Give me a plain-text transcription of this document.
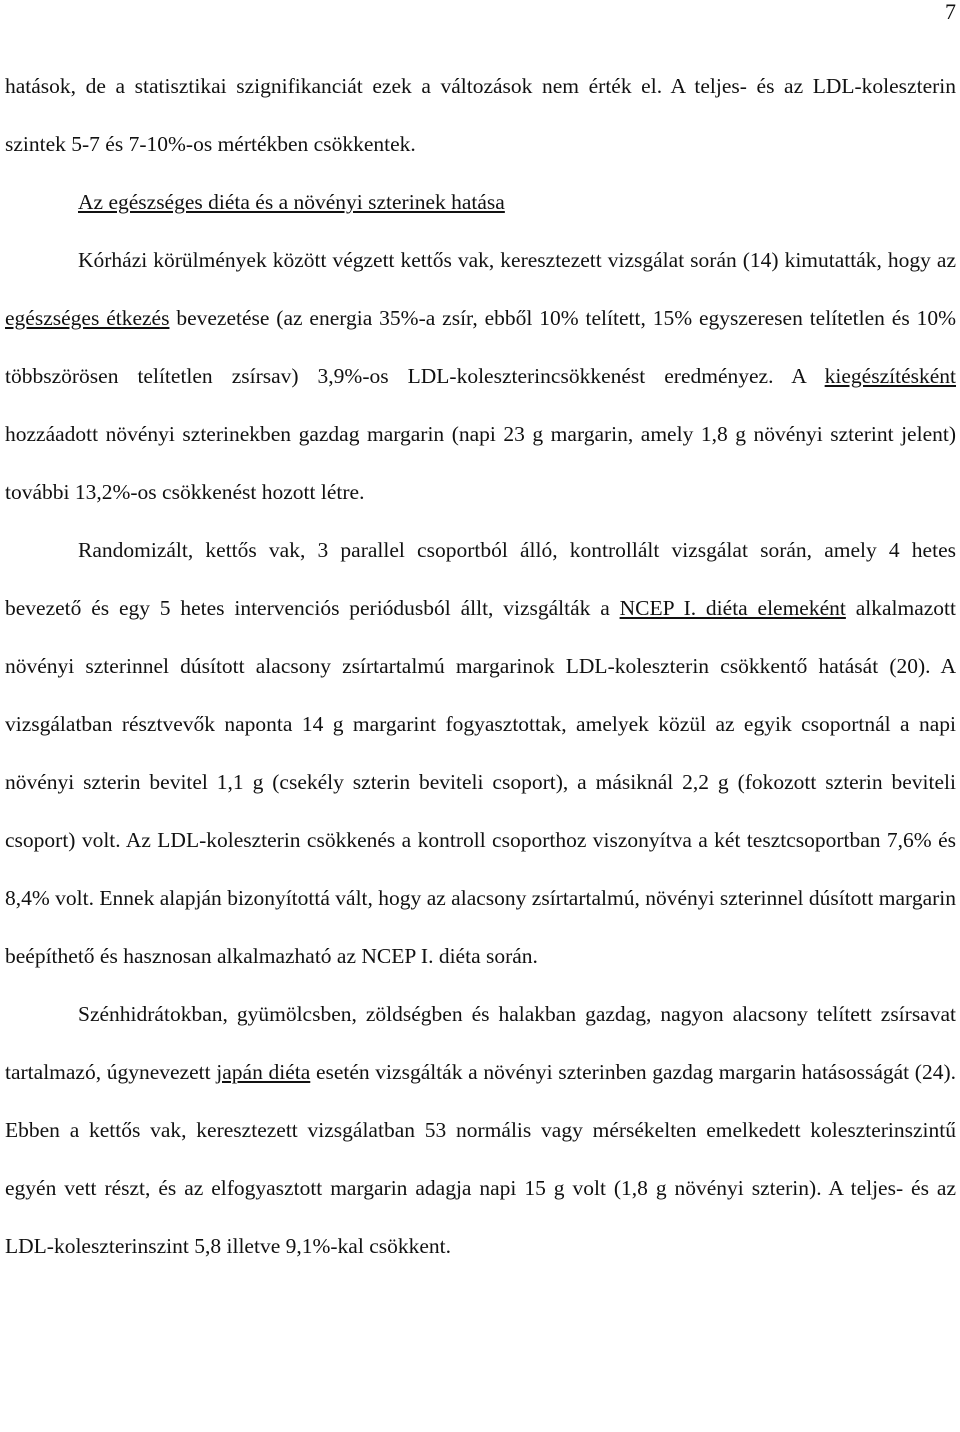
7

hatások, de a statisztikai szignifikanciát ezek a változások nem érték el. A teljes- és az LDL-koleszterin szintek 5-7 és 7-10%-os mértékben csökkentek.

Az egészséges diéta és a növényi szterinek hatása

Kórházi körülmények között végzett kettős vak, keresztezett vizsgálat során (14) kimutatták, hogy az egészséges étkezés bevezetése (az energia 35%-a zsír, ebből 10% telített, 15% egyszeresen telítetlen és 10% többszörösen telítetlen zsírsav) 3,9%-os LDL-koleszterincsökkenést eredményez. A kiegészítésként hozzáadott növényi szterinekben gazdag margarin (napi 23 g margarin, amely 1,8 g növényi szterint jelent) további 13,2%-os csökkenést hozott létre.

Randomizált, kettős vak, 3 parallel csoportból álló, kontrollált vizsgálat során, amely 4 hetes bevezető és egy 5 hetes intervenciós periódusból állt, vizsgálták a NCEP I. diéta elemeként alkalmazott növényi szterinnel dúsított alacsony zsírtartalmú margarinok LDL-koleszterin csökkentő hatását (20). A vizsgálatban résztvevők naponta 14 g margarint fogyasztottak, amelyek közül az egyik csoportnál a napi növényi szterin bevitel 1,1 g (csekély szterin beviteli csoport), a másiknál 2,2 g (fokozott szterin beviteli csoport) volt. Az LDL-koleszterin csökkenés a kontroll csoporthoz viszonyítva a két tesztcsoportban 7,6% és 8,4% volt. Ennek alapján bizonyítottá vált, hogy az alacsony zsírtartalmú, növényi szterinnel dúsított margarin beépíthető és hasznosan alkalmazható az NCEP I. diéta során.

Szénhidrátokban, gyümölcsben, zöldségben és halakban gazdag, nagyon alacsony telített zsírsavat tartalmazó, úgynevezett japán diéta esetén vizsgálták a növényi szterinben gazdag margarin hatásosságát (24). Ebben a kettős vak, keresztezett vizsgálatban 53 normális vagy mérsékelten emelkedett koleszterinszintű egyén vett részt, és az elfogyasztott margarin adagja napi 15 g volt (1,8 g növényi szterin). A teljes- és az LDL-koleszterinszint 5,8 illetve 9,1%-kal csökkent.
